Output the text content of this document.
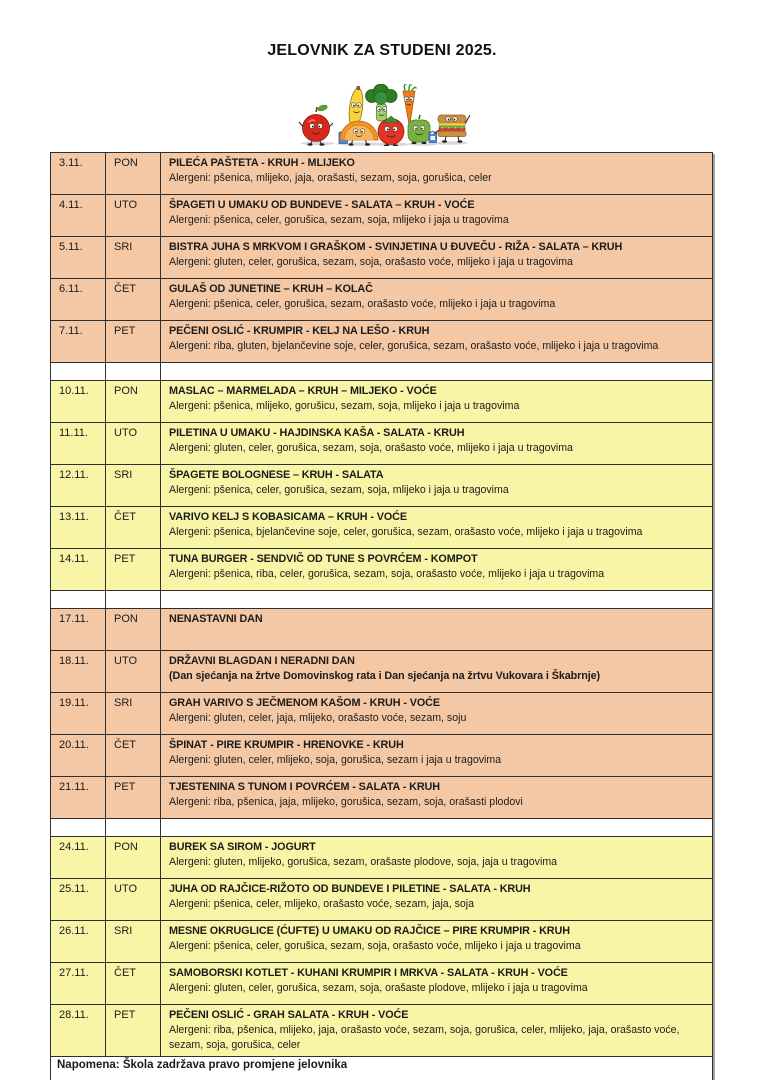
JELOVNIK ZA STUDENI 2025.
3.11.	PON	PILEĆA PAŠTETA - KRUH - MLIJEKO
Alergeni: pšenica, mlijeko, jaja, orašasti, sezam, soja, gorušica, celer

4.11.	UTO	ŠPAGETI U UMAKU OD BUNDEVE - SALATA – KRUH - VOĆE
Alergeni: pšenica, celer, gorušica, sezam, soja, mlijeko i jaja u tragovima

5.11.	SRI	BISTRA JUHA S MRKVOM I GRAŠKOM - SVINJETINA U ĐUVEČU - RIŽA - SALATA – KRUH
Alergeni: gluten, celer, gorušica, sezam, soja, orašasto voće, mlijeko i jaja u tragovima

6.11.	ČET	GULAŠ OD JUNETINE – KRUH – KOLAČ
Alergeni: pšenica, celer, gorušica, sezam, orašasto voće, mlijeko i jaja u tragovima

7.11.	PET	PEČENI OSLIĆ - KRUMPIR - KELJ NA LEŠO - KRUH
Alergeni: riba, gluten, bjelančevine soje, celer, gorušica, sezam, orašasto voće, mlijeko i jaja u tragovima

10.11.	PON	MASLAC – MARMELADA – KRUH – MILJEKO - VOĆE
Alergeni: pšenica, mlijeko, gorušicu, sezam, soja, mlijeko i jaja u tragovima

11.11.	UTO	PILETINA U UMAKU - HAJDINSKA KAŠA - SALATA - KRUH
Alergeni: gluten, celer, gorušica, sezam, soja, orašasto voće, mlijeko i jaja u tragovima

12.11.	SRI	ŠPAGETE BOLOGNESE – KRUH - SALATA
Alergeni: pšenica, celer, gorušica, sezam, soja, mlijeko i jaja u tragovima

13.11.	ČET	VARIVO KELJ S KOBASICAMA – KRUH - VOĆE
Alergeni: pšenica, bjelančevine soje, celer, gorušica, sezam, orašasto voće, mlijeko i jaja u tragovima

14.11.	PET	TUNA BURGER - SENDVIČ OD TUNE S POVRĆEM - KOMPOT
Alergeni: pšenica, riba, celer, gorušica, sezam, soja, orašasto voće, mlijeko i jaja u tragovima

17.11.	PON	NENASTAVNI DAN

18.11.	UTO	DRŽAVNI BLAGDAN I NERADNI DAN
(Dan sjećanja na žrtve Domovinskog rata i Dan sjećanja na žrtvu Vukovara i Škabrnje)

19.11.	SRI	GRAH VARIVO S JEČMENOM KAŠOM - KRUH - VOĆE
Alergeni: gluten, celer, jaja, mlijeko, orašasto voće, sezam, soju

20.11.	ČET	ŠPINAT - PIRE KRUMPIR - HRENOVKE - KRUH
Alergeni: gluten, celer, mlijeko, soja, gorušica, sezam i jaja u tragovima

21.11.	PET	TJESTENINA S TUNOM I POVRĆEM - SALATA - KRUH
Alergeni: riba, pšenica, jaja, mlijeko, gorušica, sezam, soja, orašasti plodovi

24.11.	PON	BUREK SA SIROM - JOGURT
Alergeni: gluten, mlijeko, gorušica, sezam, orašaste plodove, soja, jaja u tragovima

25.11.	UTO	JUHA OD RAJČICE-RIŽOTO OD BUNDEVE I PILETINE - SALATA - KRUH
Alergeni: pšenica, celer, mlijeko, orašasto voće, sezam, jaja, soja

26.11.	SRI	MESNE OKRUGLICE (ĆUFTE) U UMAKU OD RAJČICE – PIRE KRUMPIR - KRUH
Alergeni: pšenica, celer, gorušica, sezam, soja, orašasto voće, mlijeko i jaja u tragovima

27.11.	ČET	SAMOBORSKI KOTLET - KUHANI KRUMPIR I MRKVA - SALATA - KRUH - VOĆE
Alergeni: gluten, celer, gorušica, sezam, soja, orašaste plodove, mlijeko i jaja u tragovima

28.11.	PET	PEČENI OSLIĆ - GRAH SALATA - KRUH - VOĆE
Alergeni: riba, pšenica, mlijeko, jaja, orašasto voće, sezam, soja, gorušica, celer, mlijeko, jaja, orašasto voće, sezam, soja, gorušica, celer

Napomena: Škola zadržava pravo promjene jelovnika		
